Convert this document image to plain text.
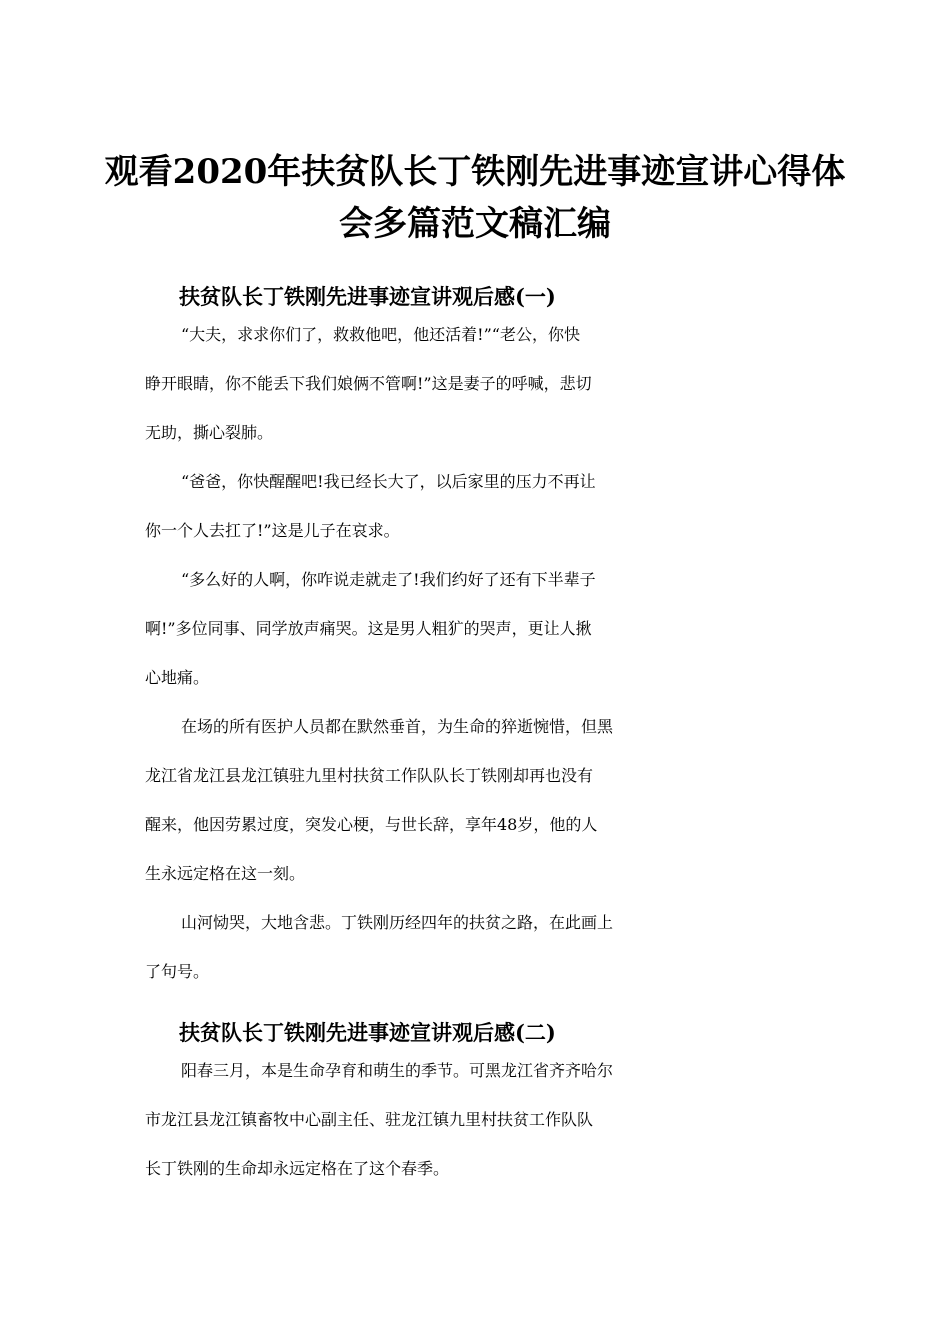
观看2020年扶贫队长丁铁刚先进事迹宣讲心得体
会多篇范文稿汇编
扶贫队长丁铁刚先进事迹宣讲观后感(一)
“大夫，求求你们了，救救他吧，他还活着!”“老公，你快
睁开眼睛，你不能丢下我们娘俩不管啊!”这是妻子的呼喊，悲切
无助，撕心裂肺。
“爸爸，你快醒醒吧!我已经长大了，以后家里的压力不再让
你一个人去扛了!”这是儿子在哀求。
“多么好的人啊，你咋说走就走了!我们约好了还有下半辈子
啊!”多位同事、同学放声痛哭。这是男人粗犷的哭声，更让人揪
心地痛。
在场的所有医护人员都在默然垂首，为生命的猝逝惋惜，但黑
龙江省龙江县龙江镇驻九里村扶贫工作队队长丁铁刚却再也没有
醒来，他因劳累过度，突发心梗，与世长辞，享年48岁，他的人
生永远定格在这一刻。
山河恸哭，大地含悲。丁铁刚历经四年的扶贫之路，在此画上
了句号。
扶贫队长丁铁刚先进事迹宣讲观后感(二)
阳春三月，本是生命孕育和萌生的季节。可黑龙江省齐齐哈尔
市龙江县龙江镇畜牧中心副主任、驻龙江镇九里村扶贫工作队队
长丁铁刚的生命却永远定格在了这个春季。
